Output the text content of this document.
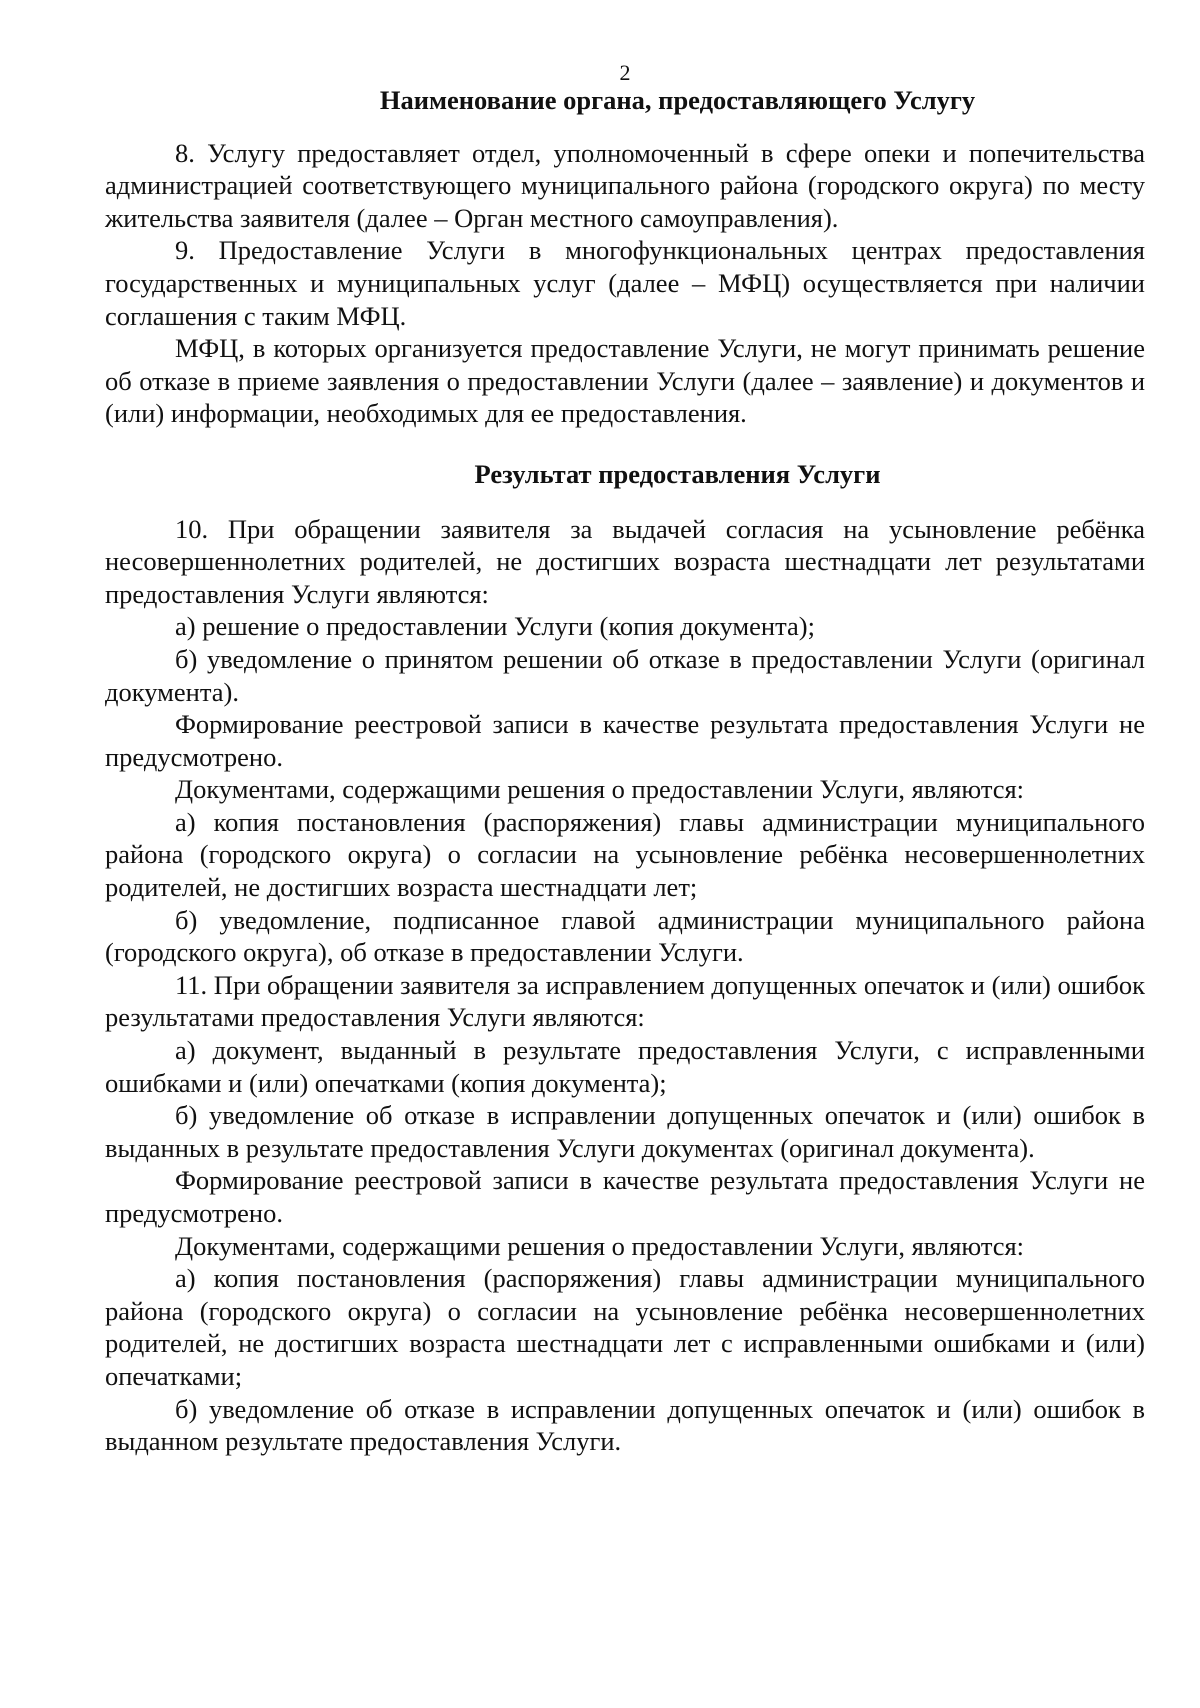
2
Наименование органа, предоставляющего Услугу

8. Услугу предоставляет отдел, уполномоченный в сфере опеки и попечительства администрацией соответствующего муниципального района (городского округа) по месту жительства заявителя (далее – Орган местного самоуправления).

9. Предоставление Услуги в многофункциональных центрах предоставления государственных и муниципальных услуг (далее – МФЦ) осуществляется при наличии соглашения с таким МФЦ.

МФЦ, в которых организуется предоставление Услуги, не могут принимать решение об отказе в приеме заявления о предоставлении Услуги (далее – заявление) и документов и (или) информации, необходимых для ее предоставления.

Результат предоставления Услуги

10. При обращении заявителя за выдачей согласия на усыновление ребёнка несовершеннолетних родителей, не достигших возраста шестнадцати лет результатами предоставления Услуги являются:

а) решение о предоставлении Услуги (копия документа);

б) уведомление о принятом решении об отказе в предоставлении Услуги (оригинал документа).

Формирование реестровой записи в качестве результата предоставления Услуги не предусмотрено.

Документами, содержащими решения о предоставлении Услуги, являются:

а) копия постановления (распоряжения) главы администрации муниципального района (городского округа) о согласии на усыновление ребёнка несовершеннолетних родителей, не достигших возраста шестнадцати лет;

б) уведомление, подписанное главой администрации муниципального района (городского округа), об отказе в предоставлении Услуги.

11. При обращении заявителя за исправлением допущенных опечаток и (или) ошибок результатами предоставления Услуги являются:

а) документ, выданный в результате предоставления Услуги, с исправленными ошибками и (или) опечатками (копия документа);

б) уведомление об отказе в исправлении допущенных опечаток и (или) ошибок в выданных в результате предоставления Услуги документах (оригинал документа).

Формирование реестровой записи в качестве результата предоставления Услуги не предусмотрено.

Документами, содержащими решения о предоставлении Услуги, являются:

а) копия постановления (распоряжения) главы администрации муниципального района (городского округа) о согласии на усыновление ребёнка несовершеннолетних родителей, не достигших возраста шестнадцати лет с исправленными ошибками и (или) опечатками;

б) уведомление об отказе в исправлении допущенных опечаток и (или) ошибок в выданном результате предоставления Услуги.
